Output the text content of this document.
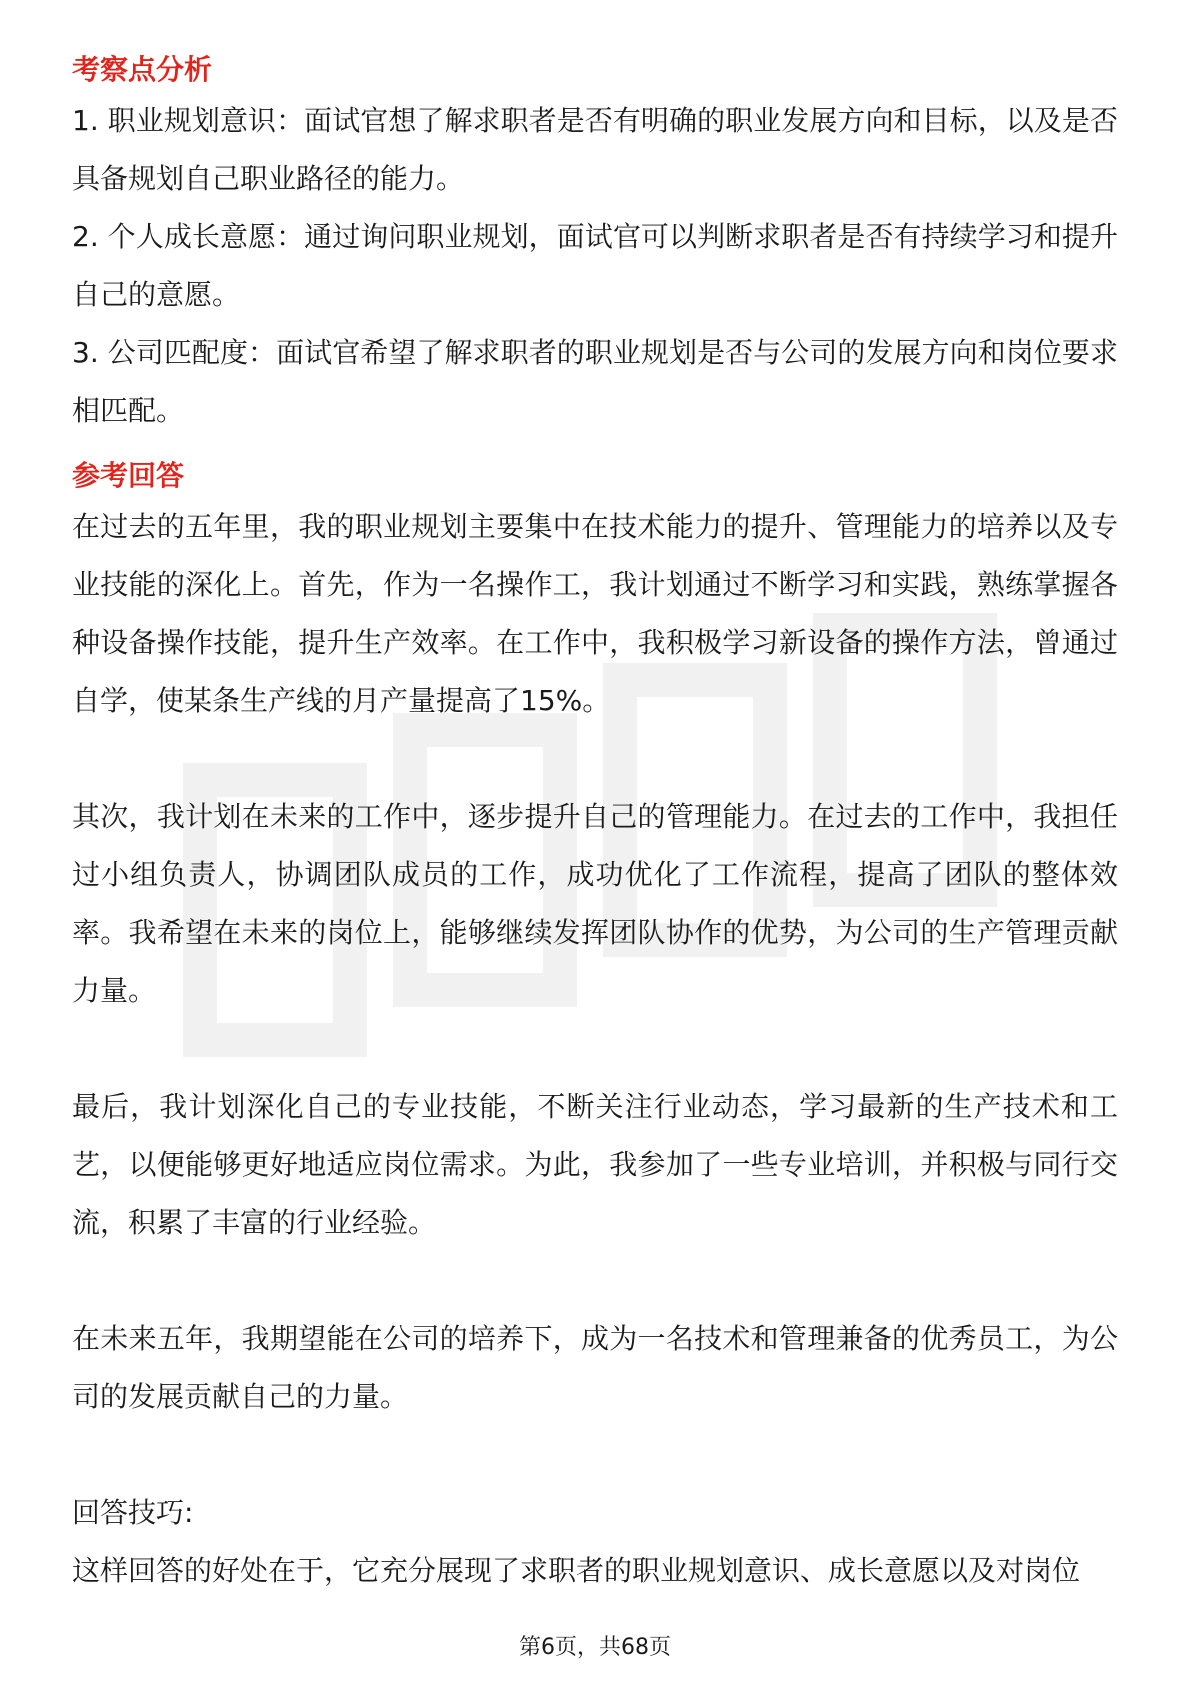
考察点分析

1. 职业规划意识：面试官想了解求职者是否有明确的职业发展方向和目标，以及是否具备规划自己职业路径的能力。

2. 个人成长意愿：通过询问职业规划，面试官可以判断求职者是否有持续学习和提升自己的意愿。

3. 公司匹配度：面试官希望了解求职者的职业规划是否与公司的发展方向和岗位要求相匹配。

参考回答

在过去的五年里，我的职业规划主要集中在技术能力的提升、管理能力的培养以及专业技能的深化上。首先，作为一名操作工，我计划通过不断学习和实践，熟练掌握各种设备操作技能，提升生产效率。在工作中，我积极学习新设备的操作方法，曾通过自学，使某条生产线的月产量提高了15%。

其次，我计划在未来的工作中，逐步提升自己的管理能力。在过去的工作中，我担任过小组负责人，协调团队成员的工作，成功优化了工作流程，提高了团队的整体效率。我希望在未来的岗位上，能够继续发挥团队协作的优势，为公司的生产管理贡献力量。

最后，我计划深化自己的专业技能，不断关注行业动态，学习最新的生产技术和工艺，以便能够更好地适应岗位需求。为此，我参加了一些专业培训，并积极与同行交流，积累了丰富的行业经验。

在未来五年，我期望能在公司的培养下，成为一名技术和管理兼备的优秀员工，为公司的发展贡献自己的力量。

回答技巧:

这样回答的好处在于，它充分展现了求职者的职业规划意识、成长意愿以及对岗位

第6页，共68页
